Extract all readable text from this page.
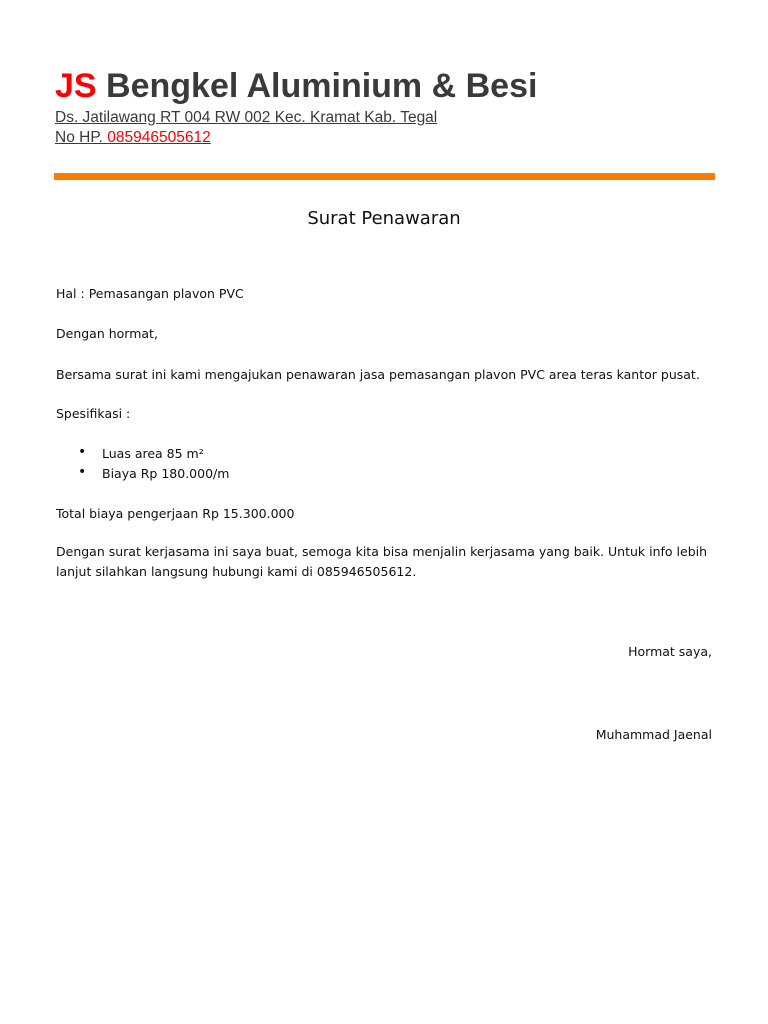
JS Bengkel Aluminium & Besi
Ds. Jatilawang RT 004 RW 002 Kec. Kramat Kab. Tegal
No HP. 085946505612
Surat Penawaran
Hal : Pemasangan plavon PVC
Dengan hormat,
Bersama surat ini kami mengajukan penawaran jasa pemasangan plavon PVC area teras kantor pusat.
Spesifikasi :
• Luas area 85 m²
• Biaya Rp 180.000/m
Total biaya pengerjaan Rp 15.300.000
Dengan surat kerjasama ini saya buat, semoga kita bisa menjalin kerjasama yang baik. Untuk info lebih
lanjut silahkan langsung hubungi kami di 085946505612.
Hormat saya,
Muhammad Jaenal
